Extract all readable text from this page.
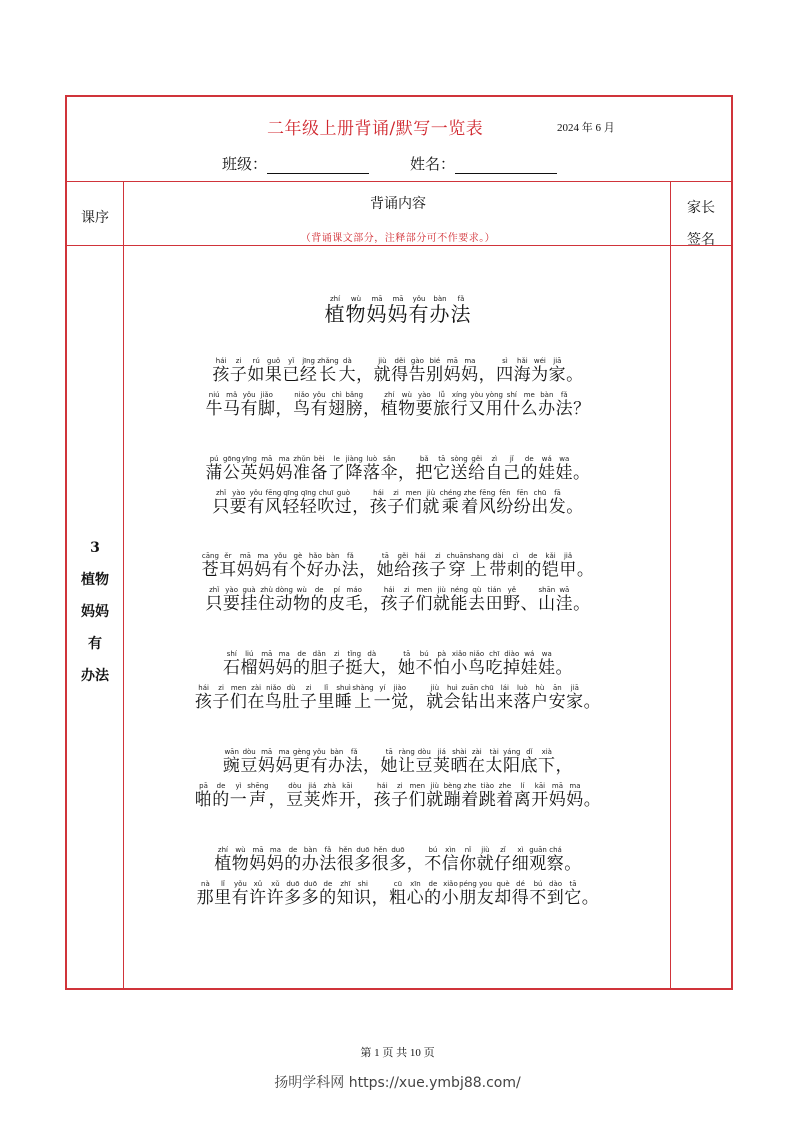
二年级上册背诵/默写一览表	2024 年 6 月
班级：	姓名：
课序
背诵内容
（背诵课文部分，注释部分可不作要求。）
家长
签名
3
植物
妈妈
有
办法
植zhí物wù妈mā妈mā有yǒu办bàn法fǎ
孩hái子zi如rú果guǒ已yǐ经jīng长zhǎng大dà， 就jiù得děi告gào别bié妈mā妈ma， 四sì海hǎi为wéi家jiā。
牛niú马mǎ有yǒu脚jiǎo， 鸟niǎo有yǒu翅chì膀bǎng， 植zhí物wù要yào旅lǚ行xíng又yòu用yòng什shí么me办bàn法fǎ？
蒲pú公gōng英yīng妈mā妈ma准zhǔn备bèi了le降jiàng落luò伞sǎn， 把bǎ它tā送sòng给gěi自zì己jǐ的de娃wá娃wa。
只zhǐ要yào有yǒu风fēng轻qīng轻qīng吹chuī过guò， 孩hái子zi们men就jiù乘chéng着zhe风fēng纷fēn纷fēn出chū发fā。
苍cāng耳ěr妈mā妈ma有yǒu个gè好hǎo办bàn法fǎ， 她tā给gěi孩hái子zi穿chuān上shang带dài刺cì的de铠kǎi甲jiǎ。
只zhǐ要yào挂guà住zhù动dòng物wù的de皮pí毛máo， 孩hái子zi们men就jiù能néng去qù田tián野yě、 山shān洼wā。
石shí榴liú妈mā妈ma的de胆dǎn子zi挺tǐng大dà， 她tā不bú怕pà小xiǎo鸟niǎo吃chī掉diào娃wá娃wa。
孩hái子zi们men在zài鸟niǎo肚dù子zi里lǐ睡shuì上shàng一yí觉jiào， 就jiù会huì钻zuān出chū来lái落luò户hù安ān家jiā。
豌wān豆dòu妈mā妈ma更gèng有yǒu办bàn法fǎ， 她tā让ràng豆dòu荚jiá晒shài在zài太tài阳yáng底dǐ下xià，
啪pā的de一yì声shēng， 豆dòu荚jiá炸zhà开kāi， 孩hái子zi们men就jiù蹦bèng着zhe跳tiào着zhe离lí开kāi妈mā妈ma。
植zhí物wù妈mā妈ma的de办bàn法fǎ很hěn多duō很hěn多duō， 不bú信xìn你nǐ就jiù仔zǐ细xì观guān察chá。
那nà里lǐ有yǒu许xǔ许xǔ多duō多duō的de知zhī识shi， 粗cū心xīn的de小xiǎo朋péng友you却què得dé不bú到dào它tā。
第 1 页 共 10 页
扬明学科网 https://xue.ymbj88.com/
